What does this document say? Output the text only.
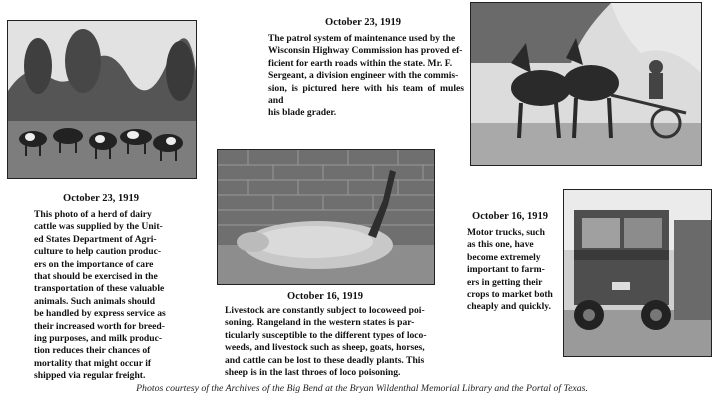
October 23, 1919
This photo of a herd of dairy
cattle was supplied by the Unit-
ed States Department of Agri-
culture to help caution produc-
ers on the importance of care
that should be exercised in the
transportation of these valuable
animals. Such animals should
be handled by express service as
their increased worth for breed-
ing purposes, and milk produc-
tion reduces their chances of
mortality that might occur if
shipped via regular freight.
October 23, 1919
The patrol system of maintenance used by the
Wisconsin Highway Commission has proved ef-
ficient for earth roads within the state. Mr. F.
Sergeant, a division engineer with the commis-
sion, is pictured here with his team of mules and
his blade grader.
October 16, 1919
Livestock are constantly subject to locoweed poi-
soning. Rangeland in the western states is par-
ticularly susceptible to the different types of loco-
weeds, and livestock such as sheep, goats, horses,
and cattle can be lost to these deadly plants. This
sheep is in the last throes of loco poisoning.
October 16, 1919
Motor trucks, such
as this one, have
become extremely
important to farm-
ers in getting their
crops to market both
cheaply and quickly.
Photos courtesy of the Archives of the Big Bend at the Bryan Wildenthal Memorial Library and the Portal of Texas.
